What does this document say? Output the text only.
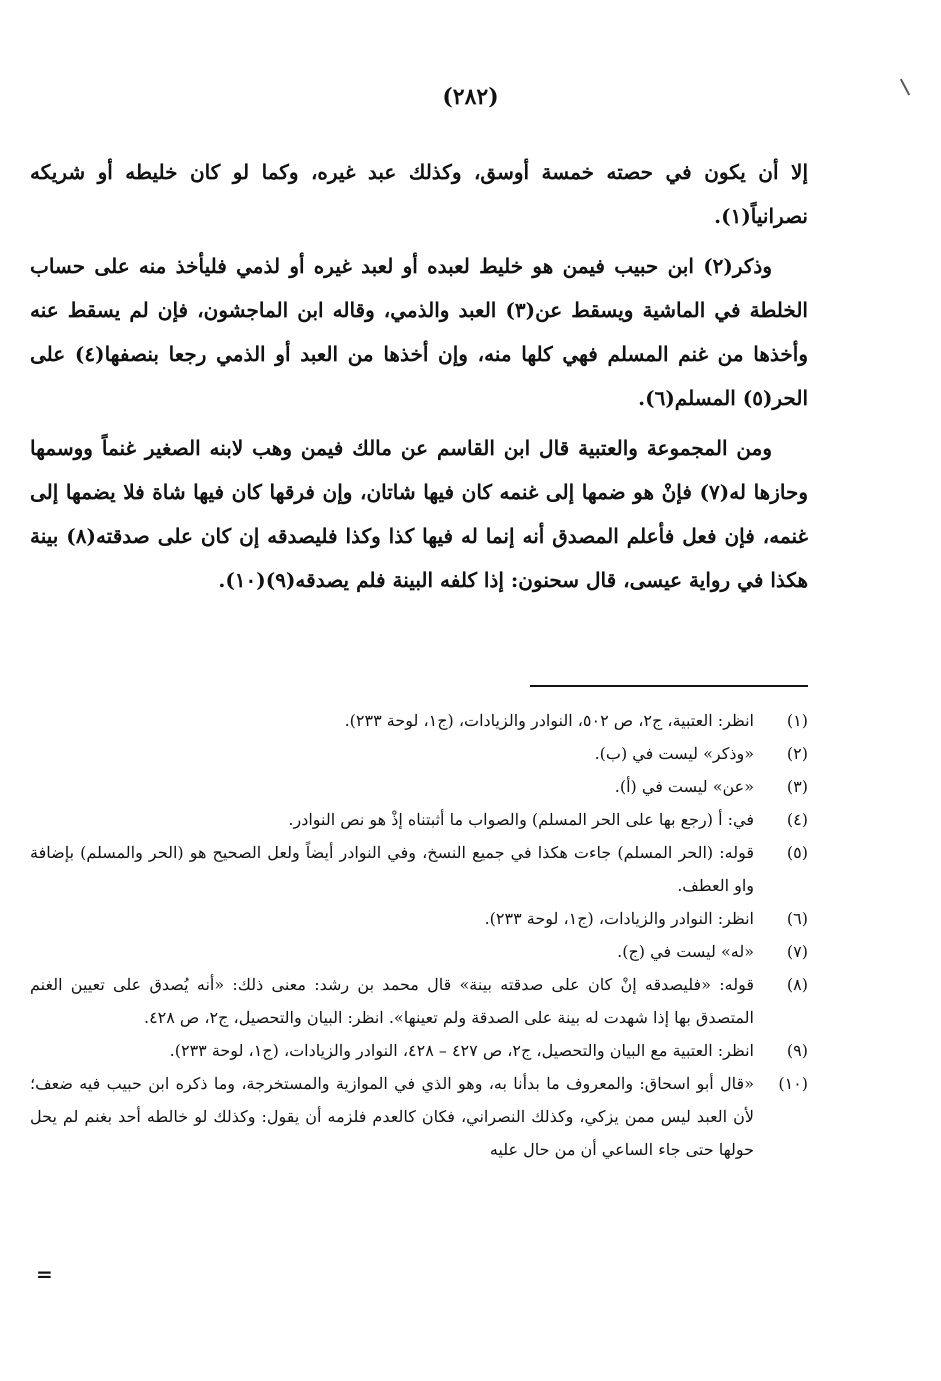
(٢٨٢)

إلا أن يكون في حصته خمسة أوسق، وكذلك عبد غيره، وكما لو كان خليطه أو شريكه نصرانياً(١).

وذكر(٢) ابن حبيب فيمن هو خليط لعبده أو لعبد غيره أو لذمي فليأخذ منه على حساب الخلطة في الماشية ويسقط عن(٣) العبد والذمي، وقاله ابن الماجشون، فإن لم يسقط عنه وأخذها من غنم المسلم فهي كلها منه، وإن أخذها من العبد أو الذمي رجعا بنصفها(٤) على الحر(٥) المسلم(٦).

ومن المجموعة والعتبية قال ابن القاسم عن مالك فيمن وهب لابنه الصغير غنماً ووسمها وحازها له(٧) فإنْ هو ضمها إلى غنمه كان فيها شاتان، وإن فرقها كان فيها شاة فلا يضمها إلى غنمه، فإن فعل فأعلم المصدق أنه إنما له فيها كذا وكذا فليصدقه إن كان على صدقته(٨) بينة هكذا في رواية عيسى، قال سحنون: إذا كلفه البينة فلم يصدقه(٩)(١٠).

(١)
انظر: العتبية، ج٢، ص ٥٠٢، النوادر والزيادات، (ج١، لوحة ٢٣٣).
(٢)
«وذكر» ليست في (ب).
(٣)
«عن» ليست في (أ).
(٤)
في: أ (رجع بها على الحر المسلم) والصواب ما أثبتناه إذْ هو نص النوادر.
(٥)
قوله: (الحر المسلم) جاءت هكذا في جميع النسخ، وفي النوادر أيضاً ولعل الصحيح هو (الحر والمسلم) بإضافة واو العطف.
(٦)
انظر: النوادر والزيادات، (ج١، لوحة ٢٣٣).
(٧)
«له» ليست في (ج).
(٨)
قوله: «فليصدقه إنْ كان على صدقته بينة» قال محمد بن رشد: معنى ذلك: «أنه يُصدق على تعيين الغنم المتصدق بها إذا شهدت له بينة على الصدقة ولم تعينها». انظر: البيان والتحصيل، ج٢، ص ٤٢٨.
(٩)
انظر: العتبية مع البيان والتحصيل، ج٢، ص ٤٢٧ – ٤٢٨، النوادر والزيادات، (ج١، لوحة ٢٣٣).
(١٠)
«قال أبو اسحاق: والمعروف ما بدأنا به، وهو الذي في الموازية والمستخرجة، وما ذكره ابن حبيب فيه ضعف؛ لأن العبد ليس ممن يزكي، وكذلك النصراني، فكان كالعدم فلزمه أن يقول: وكذلك لو خالطه أحد بغنم لم يحل حولها حتى جاء الساعي أن من حال عليه
=
